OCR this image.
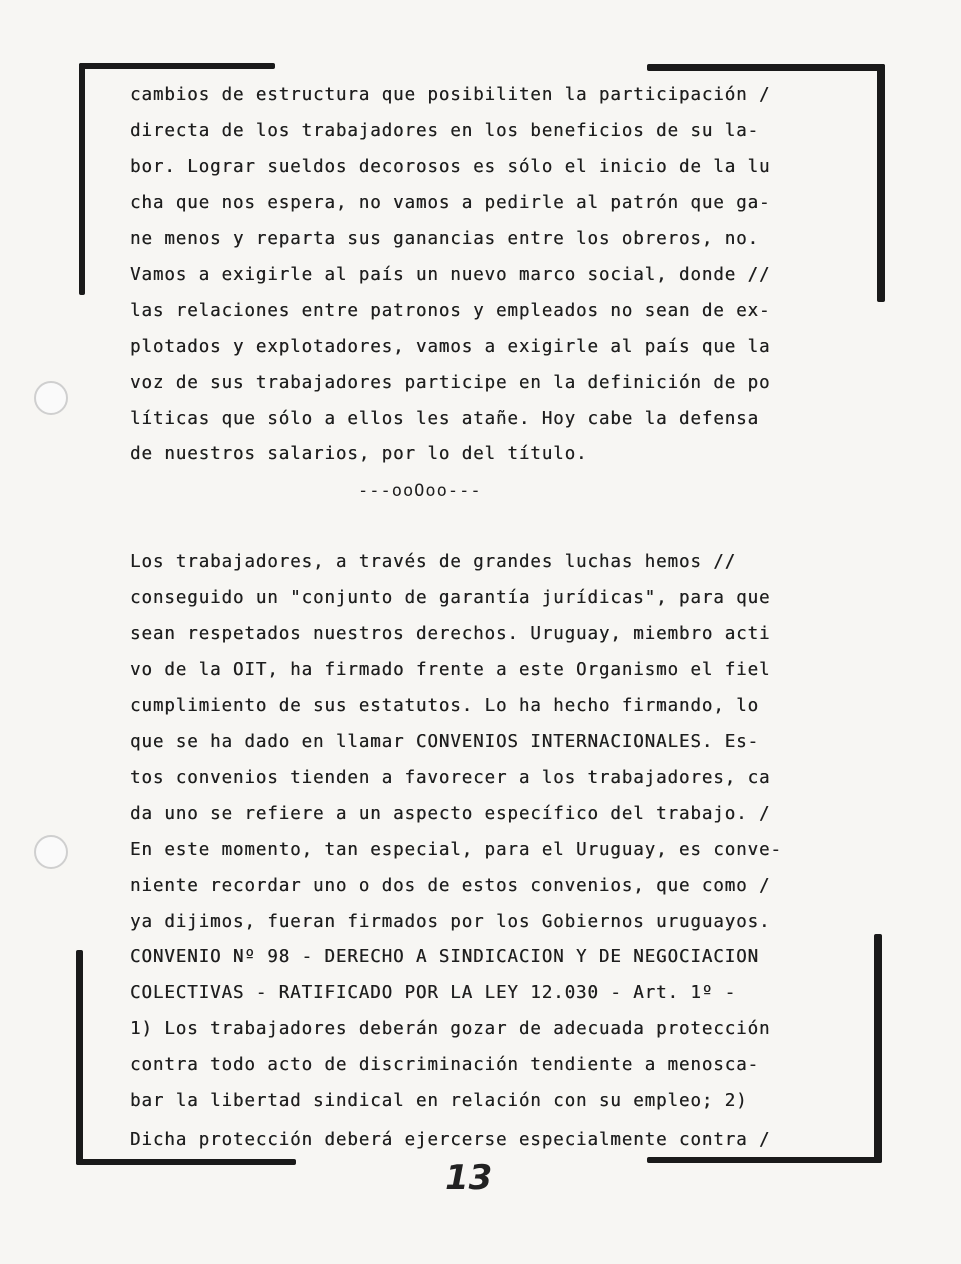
cambios de estructura que posibiliten la participación /
directa de los trabajadores en los beneficios de su la-
bor. Lograr sueldos decorosos es sólo el inicio de la lu
cha que nos espera, no vamos a pedirle al patrón que ga-
ne menos y reparta sus ganancias entre los obreros, no.
Vamos a exigirle al país un nuevo marco social, donde //
las relaciones entre patronos y empleados no sean de ex-
plotados y explotadores, vamos a exigirle al país que la
voz de sus trabajadores participe en la definición de po
líticas que sólo a ellos les atañe. Hoy cabe la defensa
de nuestros salarios, por lo del título.
---ooOoo---
Los trabajadores, a través de grandes luchas hemos //
conseguido un "conjunto de garantía jurídicas", para que
sean respetados nuestros derechos. Uruguay, miembro acti
vo de la OIT, ha firmado frente a este Organismo el fiel
cumplimiento de sus estatutos. Lo ha hecho firmando, lo
que se ha dado en llamar CONVENIOS INTERNACIONALES. Es-
tos convenios tienden a favorecer a los trabajadores, ca
da uno se refiere a un aspecto específico del trabajo. /
En este momento, tan especial, para el Uruguay, es conve-
niente recordar uno o dos de estos convenios, que como /
ya dijimos, fueran firmados por los Gobiernos uruguayos.
CONVENIO Nº 98 - DERECHO A SINDICACION Y DE NEGOCIACION
COLECTIVAS - RATIFICADO POR LA LEY 12.030 - Art. 1º -
1) Los trabajadores deberán gozar de adecuada protección
contra todo acto de discriminación tendiente a menosca-
bar la libertad sindical en relación con su empleo; 2)
Dicha protección deberá ejercerse especialmente contra /
13
